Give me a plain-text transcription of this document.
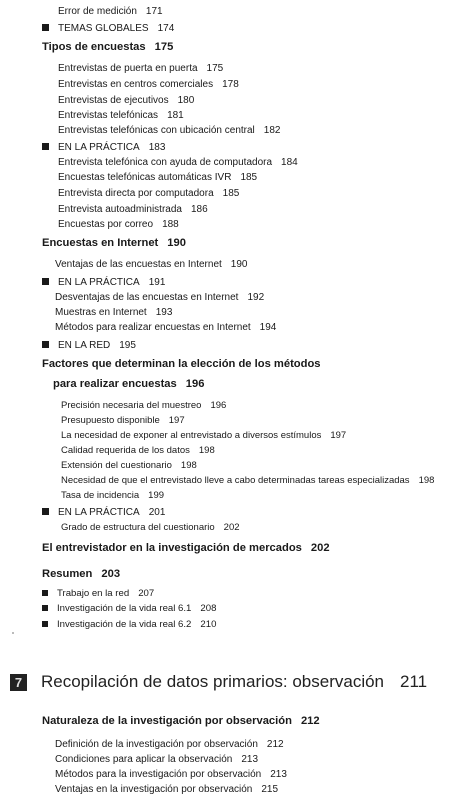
Error de medición 171
TEMAS GLOBALES 174
Tipos de encuestas 175
Entrevistas de puerta en puerta 175
Entrevistas en centros comerciales 178
Entrevistas de ejecutivos 180
Entrevistas telefónicas 181
Entrevistas telefónicas con ubicación central 182
EN LA PRÁCTICA 183
Entrevista telefónica con ayuda de computadora 184
Encuestas telefónicas automáticas IVR 185
Entrevista directa por computadora 185
Entrevista autoadministrada 186
Encuestas por correo 188
Encuestas en Internet 190
Ventajas de las encuestas en Internet 190
EN LA PRÁCTICA 191
Desventajas de las encuestas en Internet 192
Muestras en Internet 193
Métodos para realizar encuestas en Internet 194
EN LA RED 195
Factores que determinan la elección de los métodos
para realizar encuestas 196
Precisión necesaria del muestreo 196
Presupuesto disponible 197
La necesidad de exponer al entrevistado a diversos estímulos 197
Calidad requerida de los datos 198
Extensión del cuestionario 198
Necesidad de que el entrevistado lleve a cabo determinadas tareas especializadas 198
Tasa de incidencia 199
EN LA PRÁCTICA 201
Grado de estructura del cuestionario 202
El entrevistador en la investigación de mercados 202
Resumen 203
Trabajo en la red 207
Investigación de la vida real 6.1 208
Investigación de la vida real 6.2 210
Naturaleza de la investigación por observación 212
Definición de la investigación por observación 212
Condiciones para aplicar la observación 213
Métodos para la investigación por observación 213
Ventajas en la investigación por observación 215
7 Recopilación de datos primarios: observación 211
